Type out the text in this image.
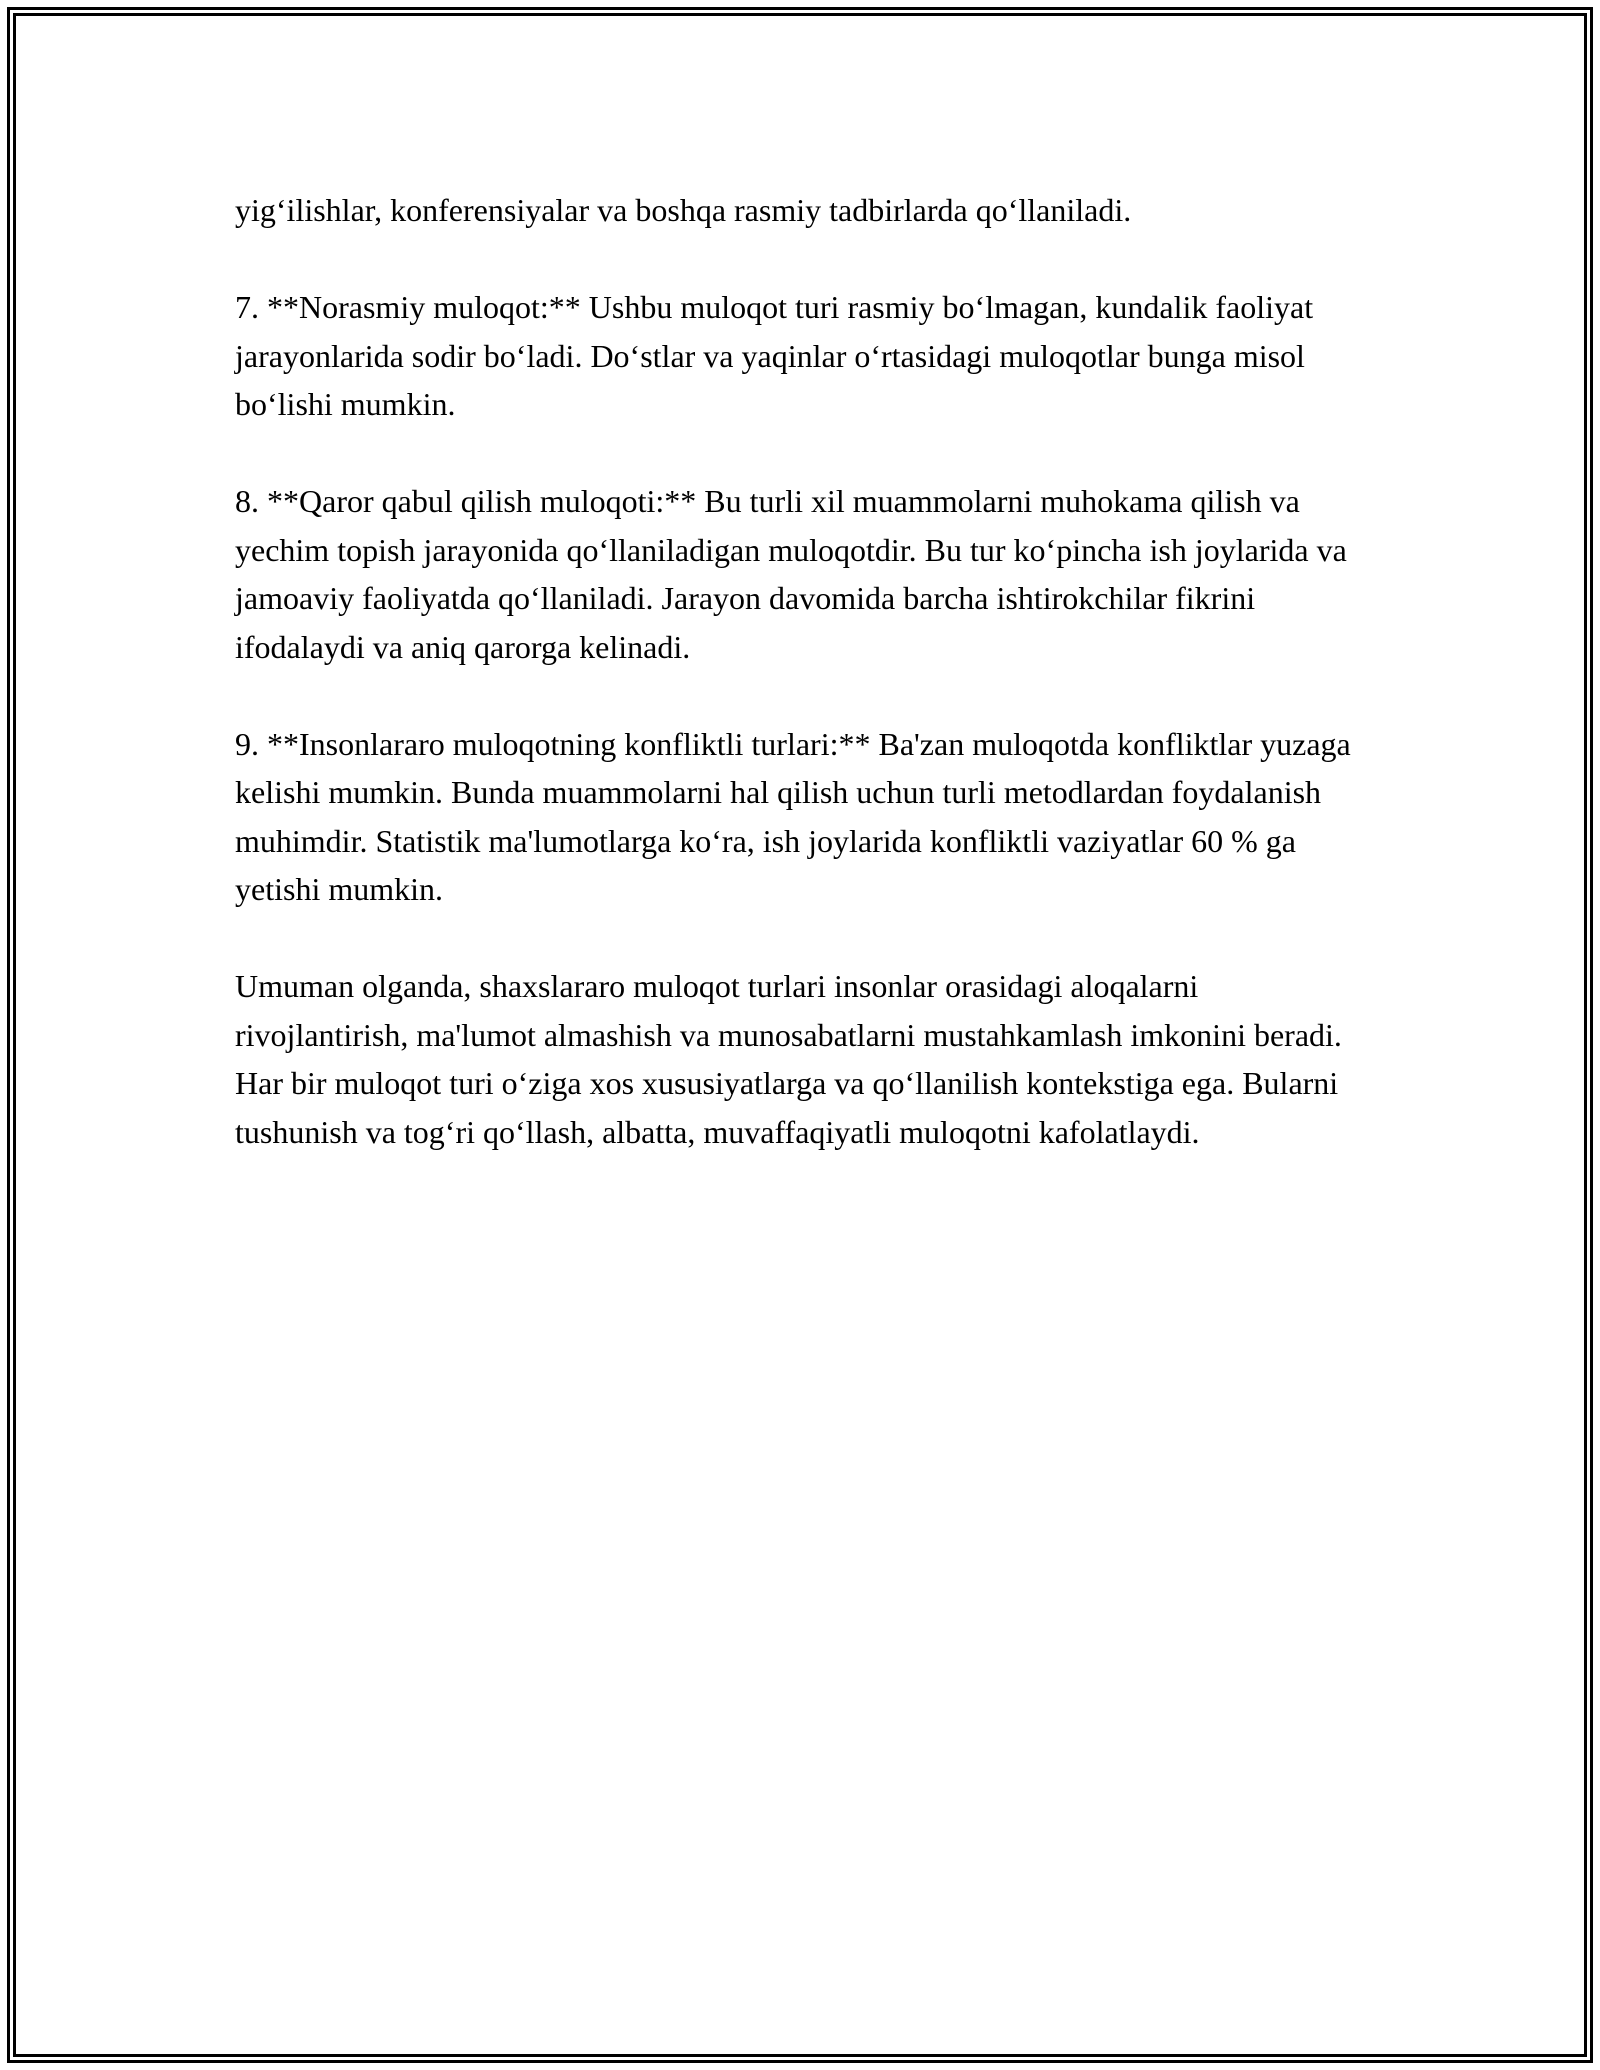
yig‘ilishlar, konferensiyalar va boshqa rasmiy tadbirlarda qo‘llaniladi.

7. **Norasmiy muloqot:** Ushbu muloqot turi rasmiy bo‘lmagan, kundalik faoliyat jarayonlarida sodir bo‘ladi. Do‘stlar va yaqinlar o‘rtasidagi muloqotlar bunga misol bo‘lishi mumkin.

8. **Qaror qabul qilish muloqoti:** Bu turli xil muammolarni muhokama qilish va yechim topish jarayonida qo‘llaniladigan muloqotdir. Bu tur ko‘pincha ish joylarida va jamoaviy faoliyatda qo‘llaniladi. Jarayon davomida barcha ishtirokchilar fikrini ifodalaydi va aniq qarorga kelinadi.

9. **Insonlararo muloqotning konfliktli turlari:** Ba'zan muloqotda konfliktlar yuzaga kelishi mumkin. Bunda muammolarni hal qilish uchun turli metodlardan foydalanish muhimdir. Statistik ma'lumotlarga ko‘ra, ish joylarida konfliktli vaziyatlar 60 % ga yetishi mumkin.

Umuman olganda, shaxslararo muloqot turlari insonlar orasidagi aloqalarni rivojlantirish, ma'lumot almashish va munosabatlarni mustahkamlash imkonini beradi. Har bir muloqot turi o‘ziga xos xususiyatlarga va qo‘llanilish kontekstiga ega. Bularni tushunish va tog‘ri qo‘llash, albatta, muvaffaqiyatli muloqotni kafolatlaydi.
